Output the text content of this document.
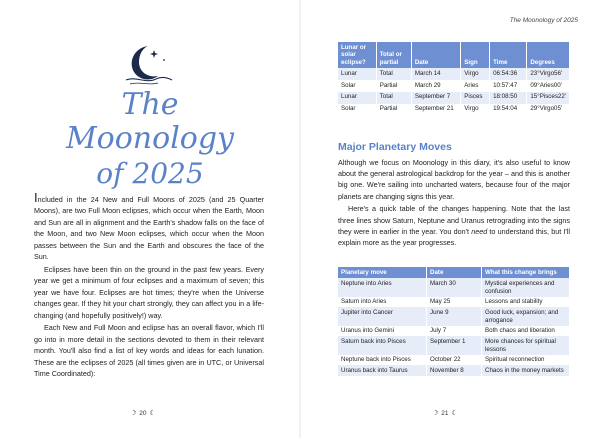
The Moonology
of 2025

Included in the 24 New and Full Moons of 2025 (and 25 Quarter Moons), are two Full Moon eclipses, which occur when the Earth, Moon and Sun are all in alignment and the Earth's shadow falls on the face of the Moon, and two New Moon eclipses, which occur when the Moon passes between the Sun and the Earth and obscures the face of the Sun.

Eclipses have been thin on the ground in the past few years. Every year we get a minimum of four eclipses and a maximum of seven; this year we have four. Eclipses are hot times; they're when the Universe changes gear. If they hit your chart strongly, they can affect you in a life-changing (and hopefully positively!) way.

Each New and Full Moon and eclipse has an overall flavor, which I'll go into in more detail in the sections devoted to them in their relevant month. You'll also find a list of key words and ideas for each lunation. These are the eclipses of 2025 (all times given are in UTC, or Universal Time Coordinated):

☽ 20 ☾
The Moonology of 2025
Lunar or solar eclipse?	Total or partial	Date	Sign	Time	Degrees
Lunar	Total	March 14	Virgo	06:54:36	23°Virgo56'
Solar	Partial	March 29	Aries	10:57:47	09°Aries00'
Lunar	Total	September 7	Pisces	18:08:50	15°Pisces22'
Solar	Partial	September 21	Virgo	19:54:04	29°Virgo05'
Major Planetary Moves

Although we focus on Moonology in this diary, it's also useful to know about the general astrological backdrop for the year – and this is another big one. We're sailing into uncharted waters, because four of the major planets are changing signs this year.

Here's a quick table of the changes happening. Note that the last three lines show Saturn, Neptune and Uranus retrograding into the signs they were in earlier in the year. You don't need to understand this, but I'll explain more as the year progresses.

Planetary move	Date	What this change brings
Neptune into Aries	March 30	Mystical experiences and confusion
Saturn into Aries	May 25	Lessons and stability
Jupiter into Cancer	June 9	Good luck, expansion; and arrogance
Uranus into Gemini	July 7	Both chaos and liberation
Saturn back into Pisces	September 1	More chances for spiritual lessons
Neptune back into Pisces	October 22	Spiritual reconnection
Uranus back into Taurus	November 8	Chaos in the money markets
☽ 21 ☾
